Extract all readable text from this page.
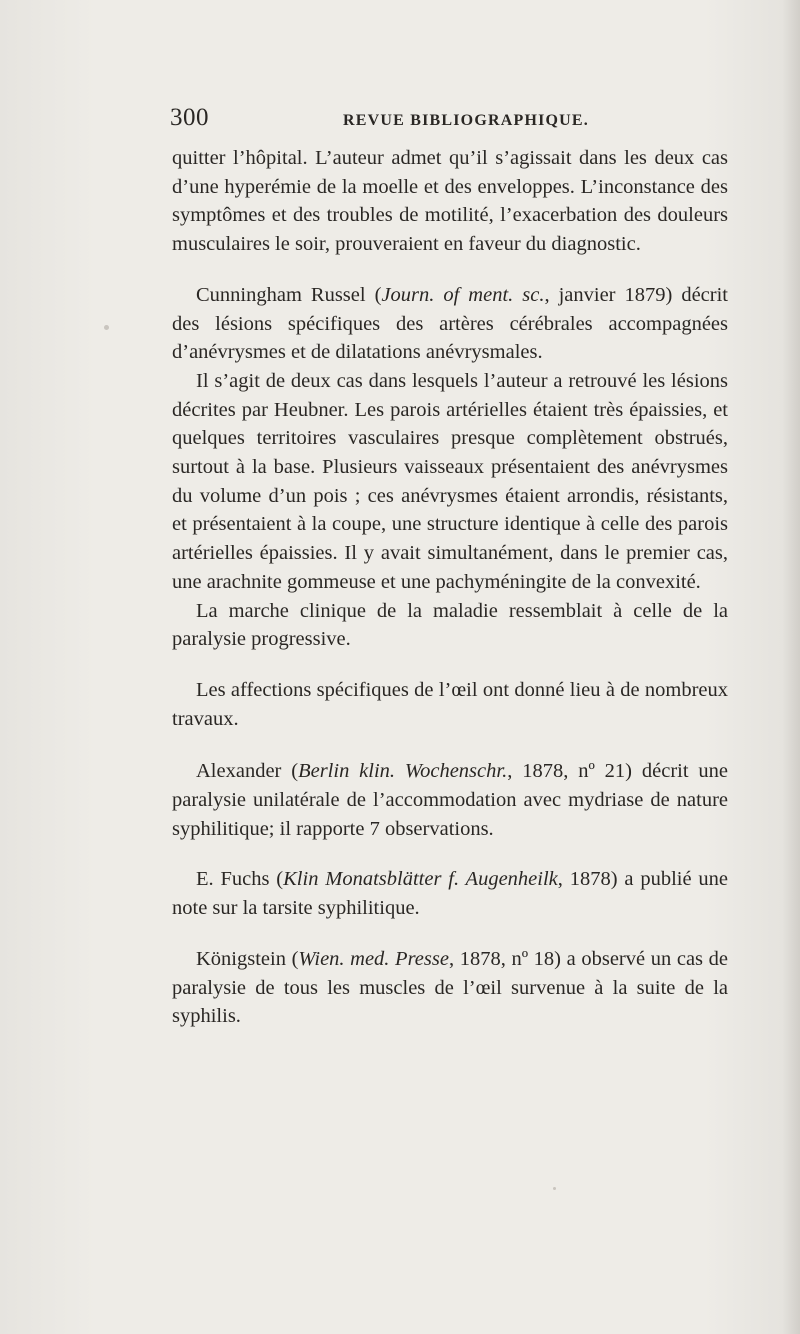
300	REVUE BIBLIOGRAPHIQUE.

quitter l’hôpital. L’auteur admet qu’il s’agissait dans les deux cas d’une hyperémie de la moelle et des enveloppes. L’inconstance des symptômes et des troubles de motilité, l’exacerbation des douleurs musculaires le soir, prouveraient en faveur du diagnostic.

Cunningham Russel (Journ. of ment. sc., janvier 1879) décrit des lésions spécifiques des artères cérébrales accompagnées d’anévrysmes et de dilatations anévrysmales.

Il s’agit de deux cas dans lesquels l’auteur a retrouvé les lésions décrites par Heubner. Les parois artérielles étaient très épaissies, et quelques territoires vasculaires presque complètement obstrués, surtout à la base. Plusieurs vaisseaux présentaient des anévrysmes du volume d’un pois ; ces anévrysmes étaient arrondis, résistants, et présentaient à la coupe, une structure identique à celle des parois artérielles épaissies. Il y avait simultanément, dans le premier cas, une arachnite gommeuse et une pachyméningite de la convexité.

La marche clinique de la maladie ressemblait à celle de la paralysie progressive.

Les affections spécifiques de l’œil ont donné lieu à de nombreux travaux.

Alexander (Berlin klin. Wochenschr., 1878, nº 21) décrit une paralysie unilatérale de l’accommodation avec mydriase de nature syphilitique; il rapporte 7 observations.

E. Fuchs (Klin Monatsblätter f. Augenheilk, 1878) a publié une note sur la tarsite syphilitique.

Königstein (Wien. med. Presse, 1878, nº 18) a observé un cas de paralysie de tous les muscles de l’œil survenue à la suite de la syphilis.
